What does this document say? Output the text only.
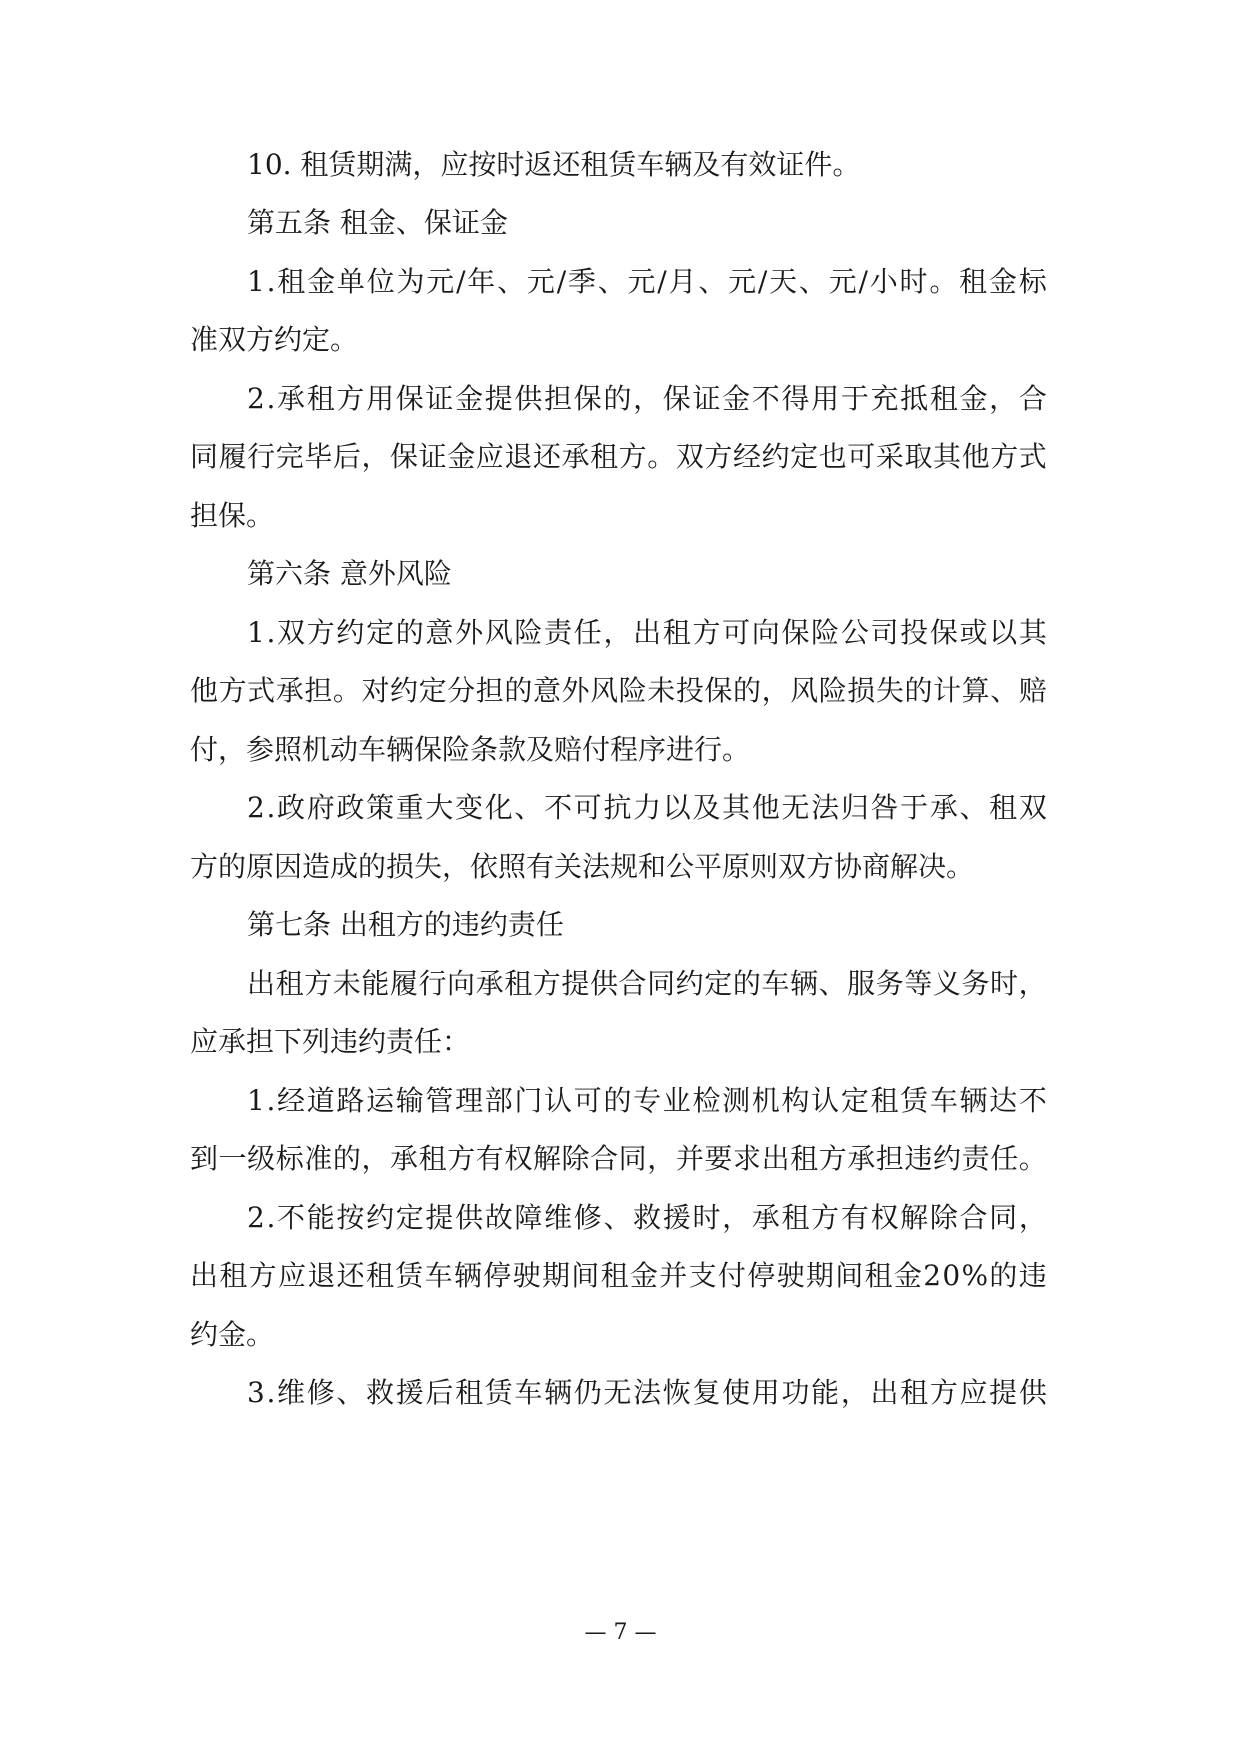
10. 租赁期满，应按时返还租赁车辆及有效证件。
第五条 租金、保证金
1 . 租 金 单 位 为 元 / 年 、 元 / 季 、 元 / 月 、 元 / 天 、 元 / 小 时 。 租 金 标
准双方约定。
2 . 承 租 方 用 保 证 金 提 供 担 保 的 ， 保 证 金 不 得 用 于 充 抵 租 金 ， 合
同 履 行 完 毕 后 ， 保 证 金 应 退 还 承 租 方 。 双 方 经 约 定 也 可 采 取 其 他 方 式
担保。
第六条 意外风险
1 . 双 方 约 定 的 意 外 风 险 责 任 ， 出 租 方 可 向 保 险 公 司 投 保 或 以 其
他 方 式 承 担 。 对 约 定 分 担 的 意 外 风 险 未 投 保 的 ， 风 险 损 失 的 计 算 、 赔
付，参照机动车辆保险条款及赔付程序进行。
2 . 政 府 政 策 重 大 变 化 、 不 可 抗 力 以 及 其 他 无 法 归 咎 于 承 、 租 双
方的原因造成的损失，依照有关法规和公平原则双方协商解决。
第七条 出租方的违约责任
出 租 方 未 能 履 行 向 承 租 方 提 供 合 同 约 定 的 车 辆 、 服 务 等 义 务 时 ，
应承担下列违约责任：
1 . 经 道 路 运 输 管 理 部 门 认 可 的 专 业 检 测 机 构 认 定 租 赁 车 辆 达 不
到 一 级 标 准 的 ， 承 租 方 有 权 解 除 合 同 ， 并 要 求 出 租 方 承 担 违 约 责 任 。
2 . 不 能 按 约 定 提 供 故 障 维 修 、 救 援 时 ， 承 租 方 有 权 解 除 合 同 ，
出 租 方 应 退 还 租 赁 车 辆 停 驶 期 间 租 金 并 支 付 停 驶 期 间 租 金 2 0 % 的 违
约金。
3 . 维 修 、 救 援 后 租 赁 车 辆 仍 无 法 恢 复 使 用 功 能 ， 出 租 方 应 提 供
— 7 —
